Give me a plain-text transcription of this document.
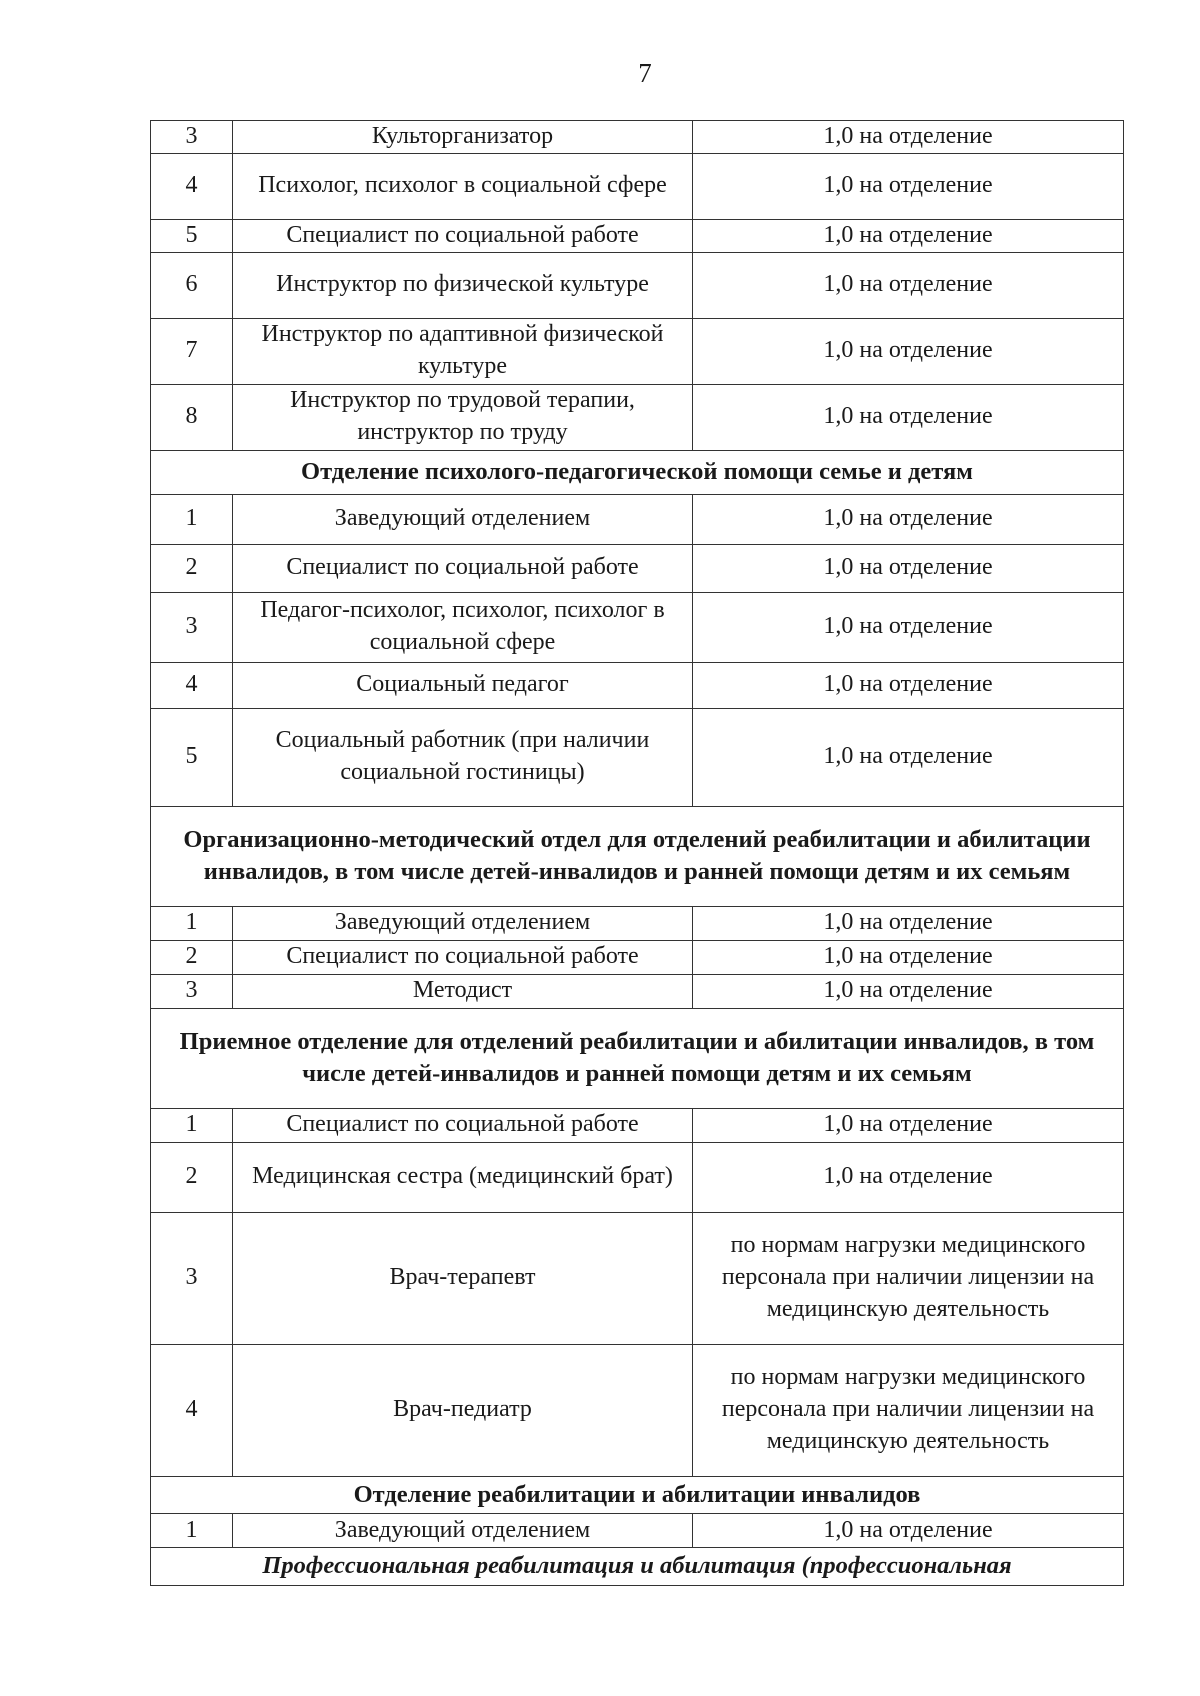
7
3	Культорганизатор	1,0 на отделение
4	Психолог, психолог в социальной сфере	1,0 на отделение
5	Специалист по социальной работе	1,0 на отделение
6	Инструктор по физической культуре	1,0 на отделение
7	Инструктор по адаптивной физической культуре	1,0 на отделение
8	Инструктор по трудовой терапии, инструктор по труду	1,0 на отделение
Отделение психолого-педагогической помощи семье и детям		
1	Заведующий отделением	1,0 на отделение
2	Специалист по социальной работе	1,0 на отделение
3	Педагог-психолог, психолог, психолог в социальной сфере	1,0 на отделение
4	Социальный педагог	1,0 на отделение
5	Социальный работник (при наличии социальной гостиницы)	1,0 на отделение
Организационно-методический отдел для отделений реабилитации и абилитации инвалидов, в том числе детей-инвалидов и ранней помощи детям и их семьям		
1	Заведующий отделением	1,0 на отделение
2	Специалист по социальной работе	1,0 на отделение
3	Методист	1,0 на отделение
Приемное отделение для отделений реабилитации и абилитации инвалидов, в том числе детей-инвалидов и ранней помощи детям и их семьям		
1	Специалист по социальной работе	1,0 на отделение
2	Медицинская сестра (медицинский брат)	1,0 на отделение
3	Врач-терапевт	по нормам нагрузки медицинского персонала при наличии лицензии на медицинскую деятельность
4	Врач-педиатр	по нормам нагрузки медицинского персонала при наличии лицензии на медицинскую деятельность
Отделение реабилитации и абилитации инвалидов		
1	Заведующий отделением	1,0 на отделение
Профессиональная реабилитация и абилитация (профессиональная		
